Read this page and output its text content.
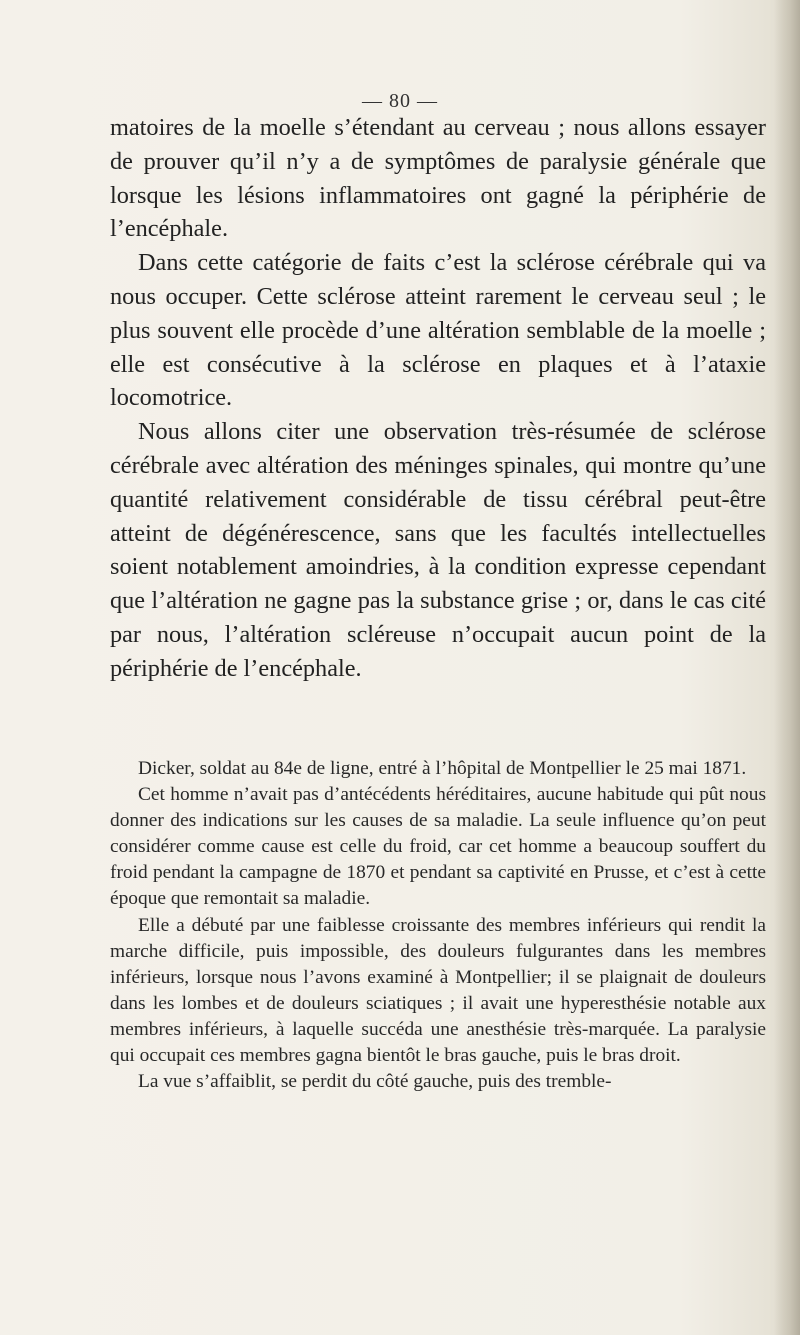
— 80 —

matoires de la moelle s’étendant au cerveau ; nous allons essayer de prouver qu’il n’y a de symptômes de paralysie générale que lorsque les lésions inflammatoires ont gagné la périphérie de l’encéphale.

Dans cette catégorie de faits c’est la sclérose cérébrale qui va nous occuper. Cette sclérose atteint rarement le cerveau seul ; le plus souvent elle procède d’une altération semblable de la moelle ; elle est consécutive à la sclérose en plaques et à l’ataxie locomotrice.

Nous allons citer une observation très-résumée de sclérose cérébrale avec altération des méninges spinales, qui montre qu’une quantité relativement considérable de tissu cérébral peut-être atteint de dégénérescence, sans que les facultés intellectuelles soient notablement amoindries, à la condition expresse cependant que l’altération ne gagne pas la substance grise ; or, dans le cas cité par nous, l’altération scléreuse n’occupait aucun point de la périphérie de l’encéphale.

Dicker, soldat au 84e de ligne, entré à l’hôpital de Montpellier le 25 mai 1871.

Cet homme n’avait pas d’antécédents héréditaires, aucune habitude qui pût nous donner des indications sur les causes de sa maladie. La seule influence qu’on peut considérer comme cause est celle du froid, car cet homme a beaucoup souffert du froid pendant la campagne de 1870 et pendant sa captivité en Prusse, et c’est à cette époque que remontait sa maladie.

Elle a débuté par une faiblesse croissante des membres inférieurs qui rendit la marche difficile, puis impossible, des douleurs fulgurantes dans les membres inférieurs, lorsque nous l’avons examiné à Montpellier; il se plaignait de douleurs dans les lombes et de douleurs sciatiques ; il avait une hyperesthésie notable aux membres inférieurs, à laquelle succéda une anesthésie très-marquée. La paralysie qui occupait ces membres gagna bientôt le bras gauche, puis le bras droit.

La vue s’affaiblit, se perdit du côté gauche, puis des tremble-
